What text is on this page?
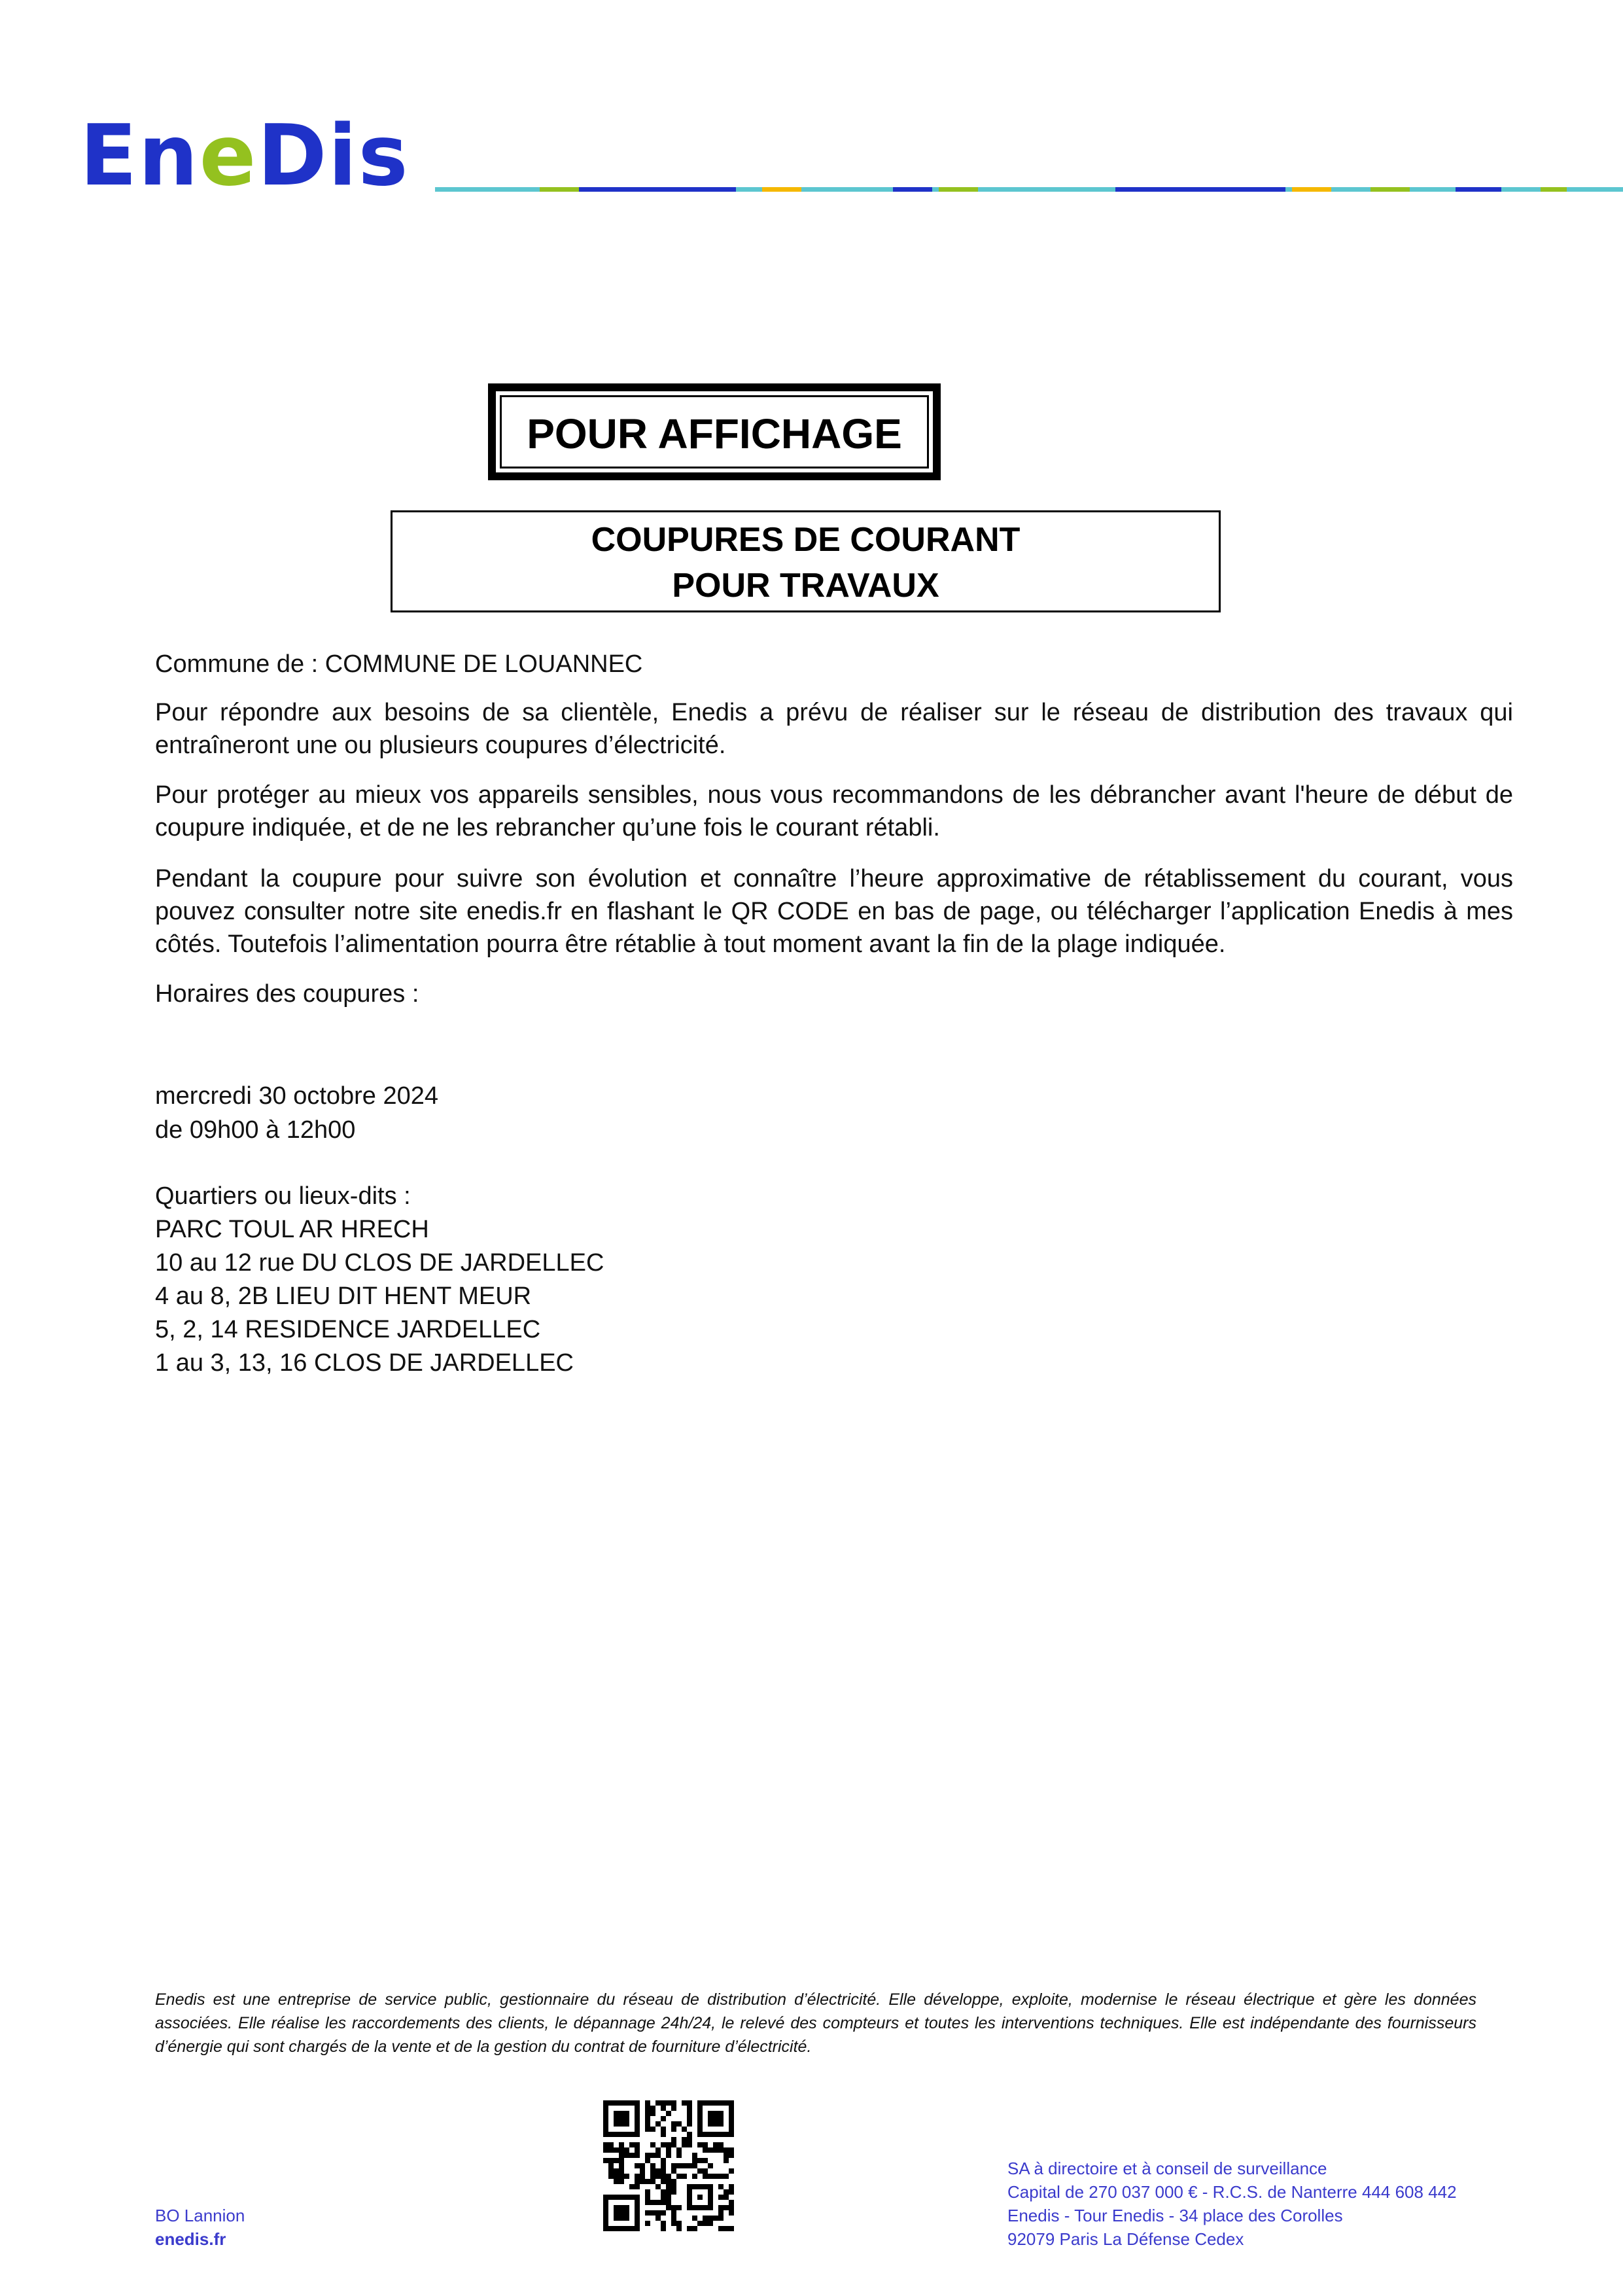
EneDis
POUR AFFICHAGE
COUPURES DE COURANT
POUR TRAVAUX
Commune de : COMMUNE DE LOUANNEC
Pour répondre aux besoins de sa clientèle, Enedis a prévu de réaliser sur le réseau de distribution des travaux qui entraîneront une ou plusieurs coupures d’électricité.
Pour protéger au mieux vos appareils sensibles, nous vous recommandons de les débrancher avant l'heure de début de coupure indiquée, et de ne les rebrancher qu’une fois le courant rétabli.
Pendant la coupure pour suivre son évolution et connaître l’heure approximative de rétablissement du courant, vous pouvez consulter notre site enedis.fr en flashant le QR CODE en bas de page, ou télécharger l’application Enedis à mes côtés. Toutefois l’alimentation pourra être rétablie à tout moment avant la fin de la plage indiquée.
Horaires des coupures :
mercredi 30 octobre 2024
de 09h00 à 12h00
Quartiers ou lieux-dits :
PARC TOUL AR HRECH
10 au 12 rue DU CLOS DE JARDELLEC
4 au 8, 2B LIEU DIT HENT MEUR
5, 2, 14 RESIDENCE JARDELLEC
1 au 3, 13, 16 CLOS DE JARDELLEC
Enedis est une entreprise de service public, gestionnaire du réseau de distribution d’électricité. Elle développe, exploite, modernise le réseau électrique et gère les données associées. Elle réalise les raccordements des clients, le dépannage 24h/24, le relevé des compteurs et toutes les interventions techniques. Elle est indépendante des fournisseurs d’énergie qui sont chargés de la vente et de la gestion du contrat de fourniture d’électricité.
BO Lannion
enedis.fr
SA à directoire et à conseil de surveillance
Capital de 270 037 000 € - R.C.S. de Nanterre 444 608 442
Enedis - Tour Enedis - 34 place des Corolles
92079 Paris La Défense Cedex
